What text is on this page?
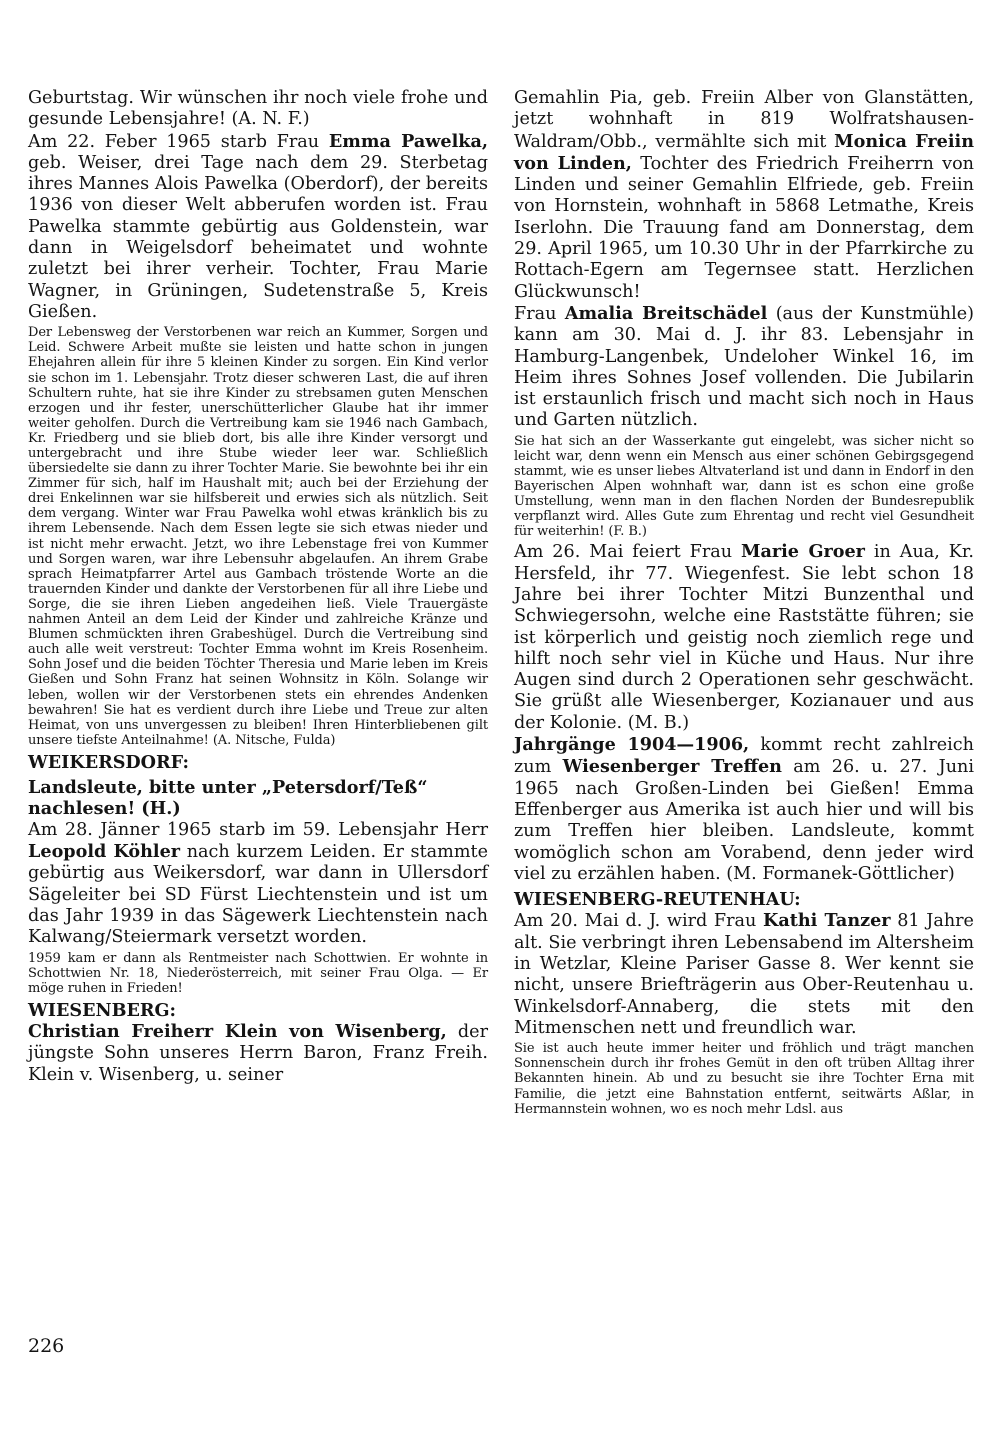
Geburtstag. Wir wünschen ihr noch viele frohe und gesunde Lebensjahre! (A. N. F.)

Am 22. Feber 1965 starb Frau Emma Pawelka, geb. Weiser, drei Tage nach dem 29. Sterbetag ihres Mannes Alois Pawelka (Oberdorf), der bereits 1936 von dieser Welt abberufen worden ist. Frau Pawelka stammte gebürtig aus Goldenstein, war dann in Weigelsdorf beheimatet und wohnte zuletzt bei ihrer verheir. Tochter, Frau Marie Wagner, in Grüningen, Sudetenstraße 5, Kreis Gießen.

Der Lebensweg der Verstorbenen war reich an Kummer, Sorgen und Leid. Schwere Arbeit mußte sie leisten und hatte schon in jungen Ehejahren allein für ihre 5 kleinen Kinder zu sorgen. Ein Kind verlor sie schon im 1. Lebensjahr. Trotz dieser schweren Last, die auf ihren Schultern ruhte, hat sie ihre Kinder zu strebsamen guten Menschen erzogen und ihr fester, unerschütterlicher Glaube hat ihr immer weiter geholfen. Durch die Vertreibung kam sie 1946 nach Gambach, Kr. Friedberg und sie blieb dort, bis alle ihre Kinder versorgt und untergebracht und ihre Stube wieder leer war. Schließlich übersiedelte sie dann zu ihrer Tochter Marie. Sie bewohnte bei ihr ein Zimmer für sich, half im Haushalt mit; auch bei der Erziehung der drei Enkelinnen war sie hilfsbereit und erwies sich als nützlich. Seit dem vergang. Winter war Frau Pawelka wohl etwas kränklich bis zu ihrem Lebensende. Nach dem Essen legte sie sich etwas nieder und ist nicht mehr erwacht. Jetzt, wo ihre Lebenstage frei von Kummer und Sorgen waren, war ihre Lebensuhr abgelaufen. An ihrem Grabe sprach Heimatpfarrer Artel aus Gambach tröstende Worte an die trauernden Kinder und dankte der Verstorbenen für all ihre Liebe und Sorge, die sie ihren Lieben angedeihen ließ. Viele Trauergäste nahmen Anteil an dem Leid der Kinder und zahlreiche Kränze und Blumen schmückten ihren Grabeshügel. Durch die Vertreibung sind auch alle weit verstreut: Tochter Emma wohnt im Kreis Rosenheim. Sohn Josef und die beiden Töchter Theresia und Marie leben im Kreis Gießen und Sohn Franz hat seinen Wohnsitz in Köln. Solange wir leben, wollen wir der Verstorbenen stets ein ehrendes Andenken bewahren! Sie hat es verdient durch ihre Liebe und Treue zur alten Heimat, von uns unvergessen zu bleiben! Ihren Hinterbliebenen gilt unsere tiefste Anteilnahme! (A. Nitsche, Fulda)

WEIKERSDORF:

Landsleute, bitte unter „Petersdorf/Teß“ nachlesen! (H.)

Am 28. Jänner 1965 starb im 59. Lebensjahr Herr Leopold Köhler nach kurzem Leiden. Er stammte gebürtig aus Weikersdorf, war dann in Ullersdorf Sägeleiter bei SD Fürst Liechtenstein und ist um das Jahr 1939 in das Sägewerk Liechtenstein nach Kalwang/Steiermark versetzt worden.

1959 kam er dann als Rentmeister nach Schottwien. Er wohnte in Schottwien Nr. 18, Niederösterreich, mit seiner Frau Olga. — Er möge ruhen in Frieden!

WIESENBERG:

Christian Freiherr Klein von Wisenberg, der jüngste Sohn unseres Herrn Baron, Franz Freih. Klein v. Wisenberg, u. seiner

Gemahlin Pia, geb. Freiin Alber von Glanstätten, jetzt wohnhaft in 819 Wolfratshausen-Waldram/Obb., vermählte sich mit Monica Freiin von Linden, Tochter des Friedrich Freiherrn von Linden und seiner Gemahlin Elfriede, geb. Freiin von Hornstein, wohnhaft in 5868 Letmathe, Kreis Iserlohn. Die Trauung fand am Donnerstag, dem 29. April 1965, um 10.30 Uhr in der Pfarrkirche zu Rottach-Egern am Tegernsee statt. Herzlichen Glückwunsch!

Frau Amalia Breitschädel (aus der Kunstmühle) kann am 30. Mai d. J. ihr 83. Lebensjahr in Hamburg-Langenbek, Undeloher Winkel 16, im Heim ihres Sohnes Josef vollenden. Die Jubilarin ist erstaunlich frisch und macht sich noch in Haus und Garten nützlich.

Sie hat sich an der Wasserkante gut eingelebt, was sicher nicht so leicht war, denn wenn ein Mensch aus einer schönen Gebirgsgegend stammt, wie es unser liebes Altvaterland ist und dann in Endorf in den Bayerischen Alpen wohnhaft war, dann ist es schon eine große Umstellung, wenn man in den flachen Norden der Bundesrepublik verpflanzt wird. Alles Gute zum Ehrentag und recht viel Gesundheit für weiterhin! (F. B.)

Am 26. Mai feiert Frau Marie Groer in Aua, Kr. Hersfeld, ihr 77. Wiegenfest. Sie lebt schon 18 Jahre bei ihrer Tochter Mitzi Bunzenthal und Schwiegersohn, welche eine Raststätte führen; sie ist körperlich und geistig noch ziemlich rege und hilft noch sehr viel in Küche und Haus. Nur ihre Augen sind durch 2 Operationen sehr geschwächt. Sie grüßt alle Wiesenberger, Kozianauer und aus der Kolonie. (M. B.)

Jahrgänge 1904—1906, kommt recht zahlreich zum Wiesenberger Treffen am 26. u. 27. Juni 1965 nach Großen-Linden bei Gießen! Emma Effenberger aus Amerika ist auch hier und will bis zum Treffen hier bleiben. Landsleute, kommt womöglich schon am Vorabend, denn jeder wird viel zu erzählen haben. (M. Formanek-Göttlicher)

WIESENBERG-REUTENHAU:

Am 20. Mai d. J. wird Frau Kathi Tanzer 81 Jahre alt. Sie verbringt ihren Lebensabend im Altersheim in Wetzlar, Kleine Pariser Gasse 8. Wer kennt sie nicht, unsere Briefträgerin aus Ober-Reutenhau u. Winkelsdorf-Annaberg, die stets mit den Mitmenschen nett und freundlich war.

Sie ist auch heute immer heiter und fröhlich und trägt manchen Sonnenschein durch ihr frohes Gemüt in den oft trüben Alltag ihrer Bekannten hinein. Ab und zu besucht sie ihre Tochter Erna mit Familie, die jetzt eine Bahnstation entfernt, seitwärts Aßlar, in Hermannstein wohnen, wo es noch mehr Ldsl. aus

226
